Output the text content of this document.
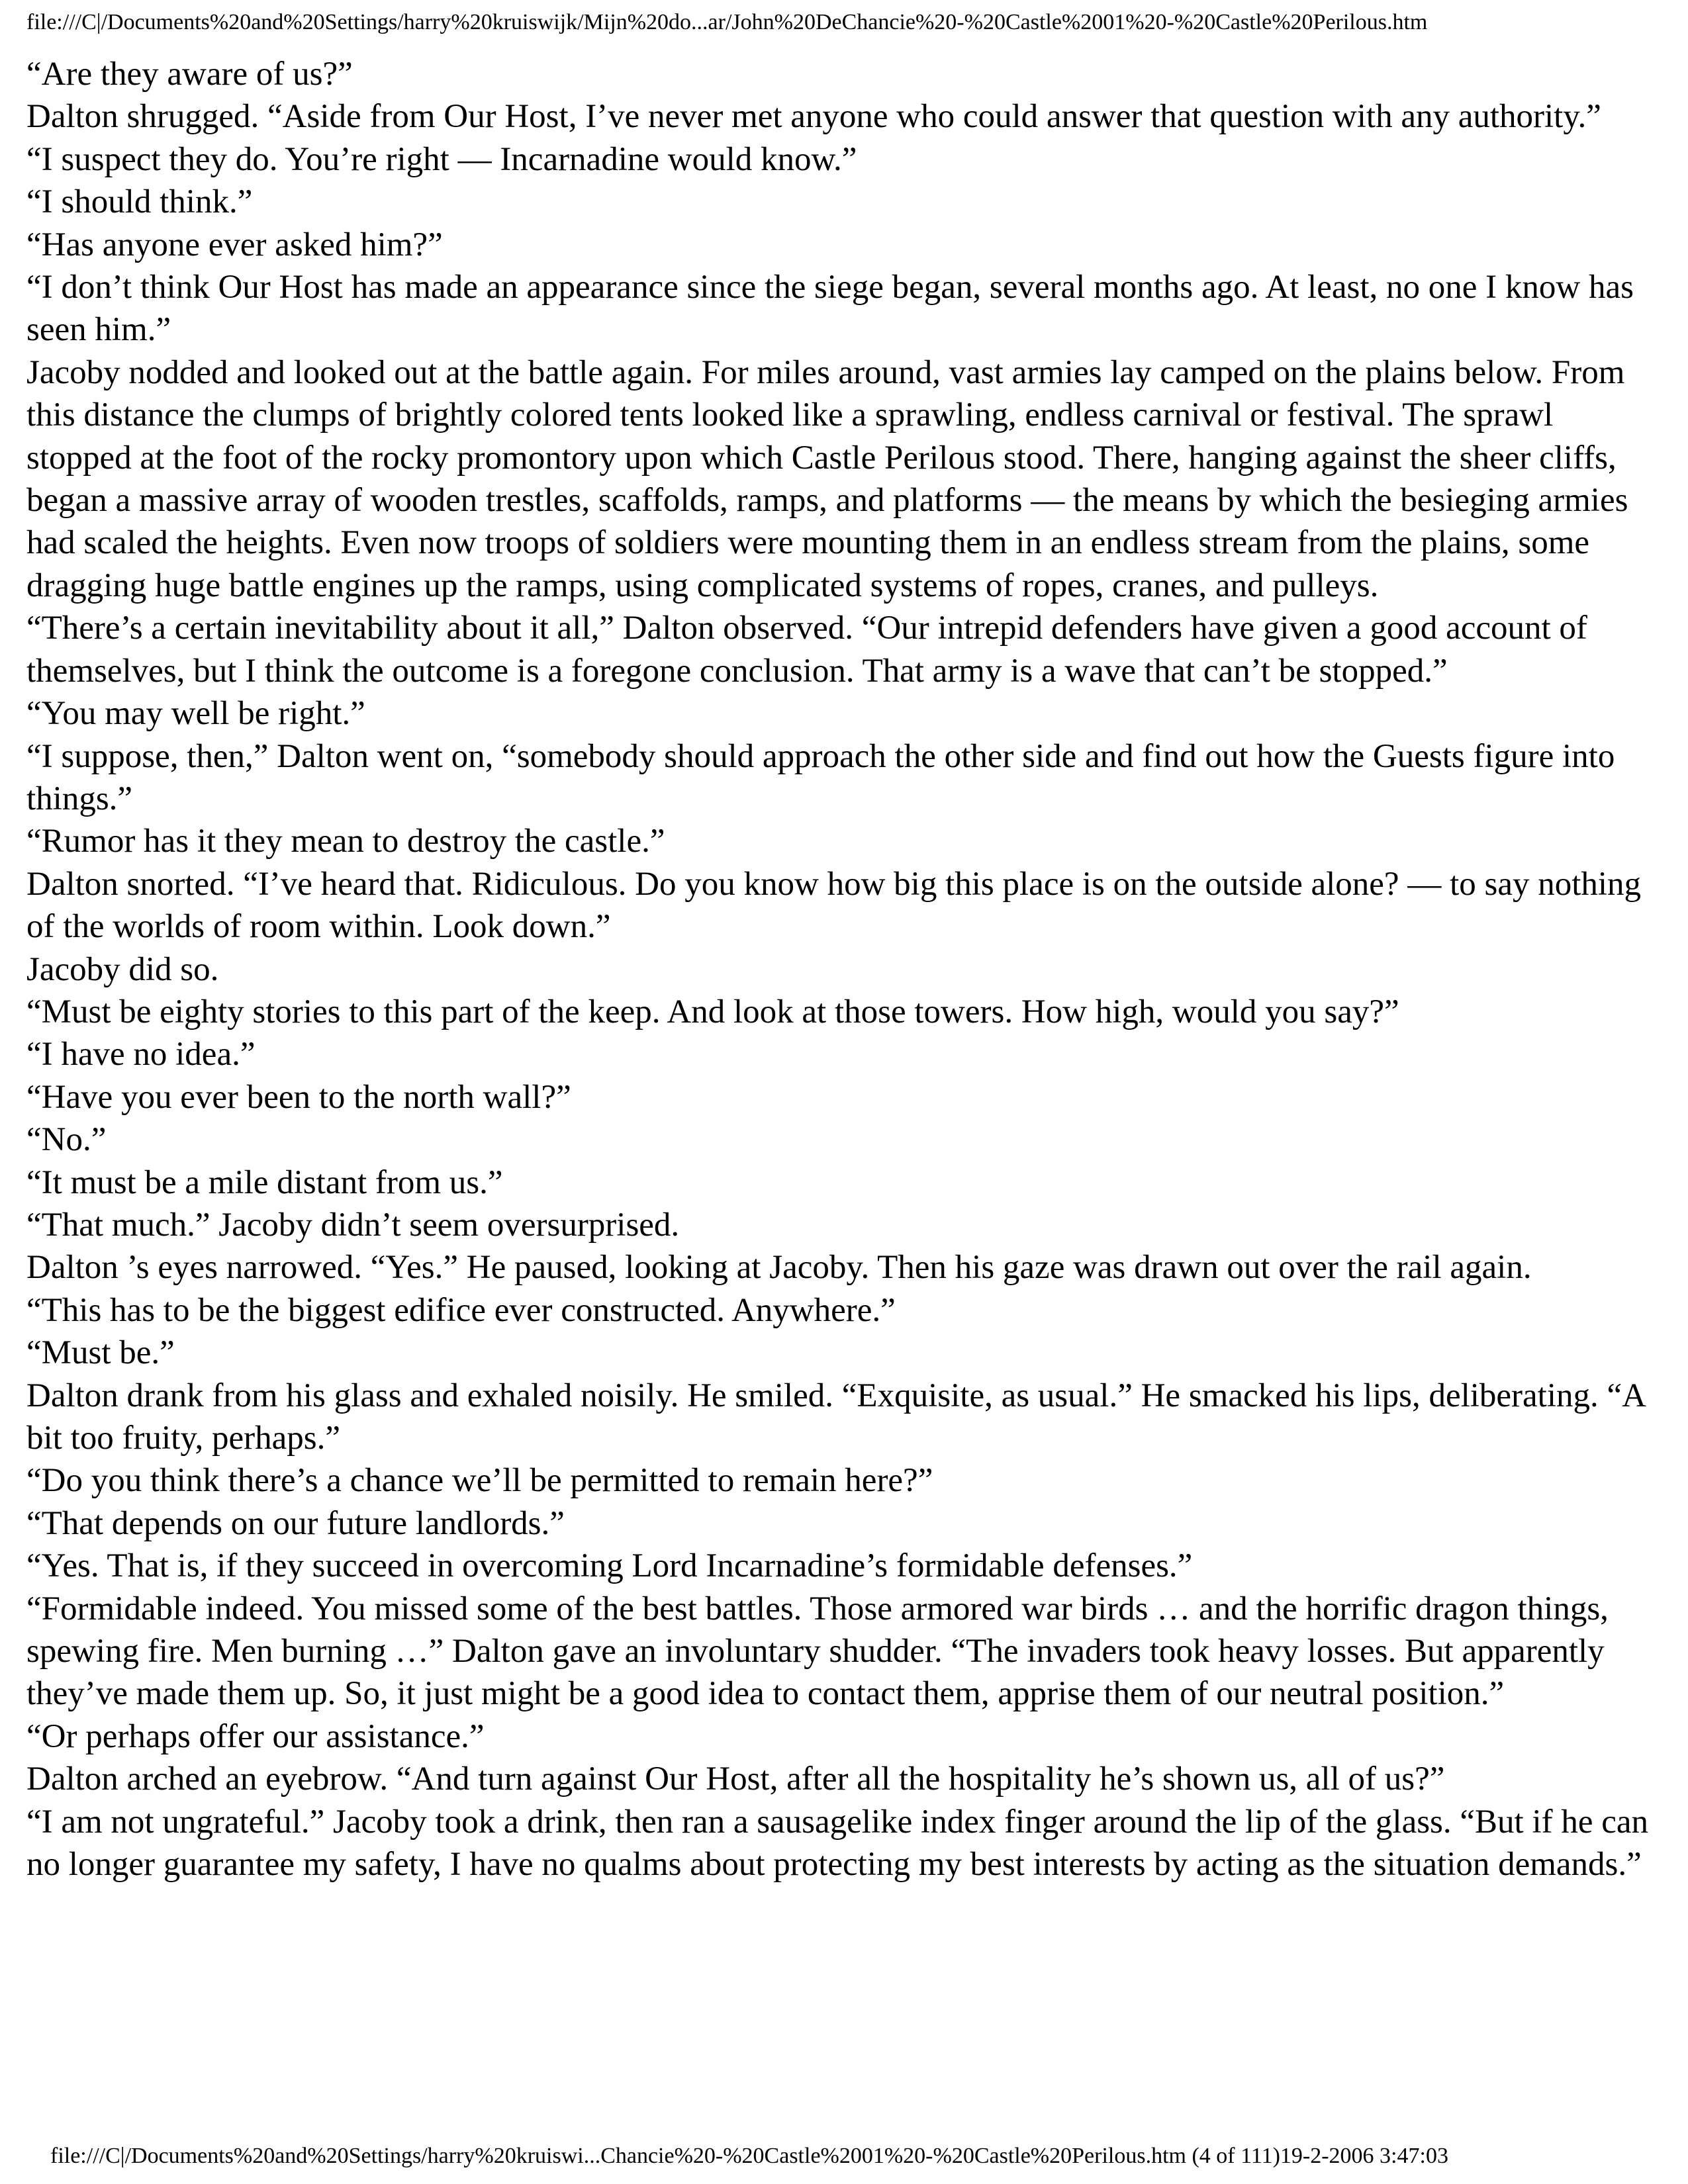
file:///C|/Documents%20and%20Settings/harry%20kruiswijk/Mijn%20do...ar/John%20DeChancie%20-%20Castle%2001%20-%20Castle%20Perilous.htm

“Are they aware of us?”

Dalton shrugged. “Aside from Our Host, I’ve never met anyone who could answer that question with any authority.”

“I suspect they do. You’re right — Incarnadine would know.”

“I should think.”

“Has anyone ever asked him?”

“I don’t think Our Host has made an appearance since the siege began, several months ago. At least, no one I know has seen him.”

Jacoby nodded and looked out at the battle again. For miles around, vast armies lay camped on the plains below. From this distance the clumps of brightly colored tents looked like a sprawling, endless carnival or festival. The sprawl stopped at the foot of the rocky promontory upon which Castle Perilous stood. There, hanging against the sheer cliffs, began a massive array of wooden trestles, scaffolds, ramps, and platforms — the means by which the besieging armies had scaled the heights. Even now troops of soldiers were mounting them in an endless stream from the plains, some dragging huge battle engines up the ramps, using complicated systems of ropes, cranes, and pulleys.

“There’s a certain inevitability about it all,” Dalton observed. “Our intrepid defenders have given a good account of themselves, but I think the outcome is a foregone conclusion. That army is a wave that can’t be stopped.”

“You may well be right.”

“I suppose, then,” Dalton went on, “somebody should approach the other side and find out how the Guests figure into things.”

“Rumor has it they mean to destroy the castle.”

Dalton snorted. “I’ve heard that. Ridiculous. Do you know how big this place is on the outside alone? — to say nothing of the worlds of room within. Look down.”

Jacoby did so.

“Must be eighty stories to this part of the keep. And look at those towers. How high, would you say?”

“I have no idea.”

“Have you ever been to the north wall?”

“No.”

“It must be a mile distant from us.”

“That much.” Jacoby didn’t seem oversurprised.

Dalton ’s eyes narrowed. “Yes.” He paused, looking at Jacoby. Then his gaze was drawn out over the rail again.

“This has to be the biggest edifice ever constructed. Anywhere.”

“Must be.”

Dalton drank from his glass and exhaled noisily. He smiled. “Exquisite, as usual.” He smacked his lips, deliberating. “A bit too fruity, perhaps.”

“Do you think there’s a chance we’ll be permitted to remain here?”

“That depends on our future landlords.”

“Yes. That is, if they succeed in overcoming Lord Incarnadine’s formidable defenses.”

“Formidable indeed. You missed some of the best battles. Those armored war birds … and the horrific dragon things, spewing fire. Men burning …” Dalton gave an involuntary shudder. “The invaders took heavy losses. But apparently they’ve made them up. So, it just might be a good idea to contact them, apprise them of our neutral position.”

“Or perhaps offer our assistance.”

Dalton arched an eyebrow. “And turn against Our Host, after all the hospitality he’s shown us, all of us?”

“I am not ungrateful.” Jacoby took a drink, then ran a sausagelike index finger around the lip of the glass. “But if he can no longer guarantee my safety, I have no qualms about protecting my best interests by acting as the situation demands.”

file:///C|/Documents%20and%20Settings/harry%20kruiswi...Chancie%20-%20Castle%2001%20-%20Castle%20Perilous.htm (4 of 111)19-2-2006 3:47:03
